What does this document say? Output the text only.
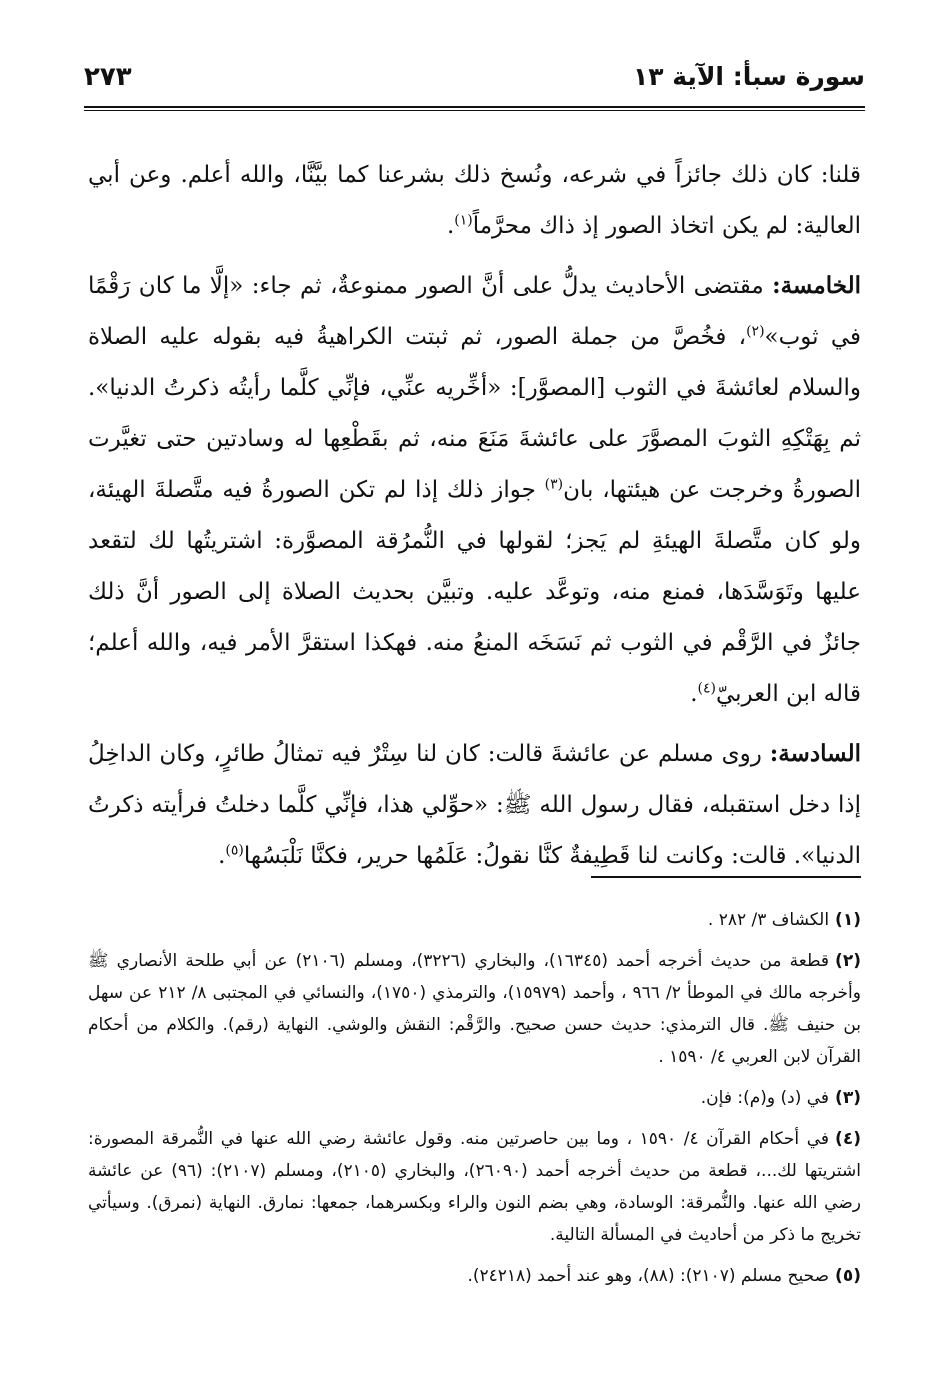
سورة سبأ: الآية ١٣
٢٧٣

قلنا: كان ذلك جائزاً في شرعه، ونُسخ ذلك بشرعنا كما بيَّنَّا، والله أعلم. وعن أبي العالية: لم يكن اتخاذ الصور إذ ذاك محرَّماً$^{(١)}$.

الخامسة: مقتضى الأحاديث يدلُّ على أنَّ الصور ممنوعةٌ، ثم جاء: «إلَّا ما كان رَقْمًا في ثوب»$^{(٢)}$، فخُصَّ من جملة الصور، ثم ثبتت الكراهيةُ فيه بقوله عليه الصلاة والسلام لعائشةَ في الثوب [المصوَّر]: «أخِّريه عنِّي، فإنِّي كلَّما رأيتُه ذكرتُ الدنيا». ثم بِهَتْكِهِ الثوبَ المصوَّرَ على عائشةَ مَنَعَ منه، ثم بقَطْعِها له وسادتين حتى تغيَّرت الصورةُ وخرجت عن هيئتها، بان$^{(٣)}$ جواز ذلك إذا لم تكن الصورةُ فيه متَّصلةَ الهيئة، ولو كان متَّصلةَ الهيئةِ لم يَجز؛ لقولها في النُّمرُقة المصوَّرة: اشتريتُها لك لتقعد عليها وتَوَسَّدَها، فمنع منه، وتوعَّد عليه. وتبيَّن بحديث الصلاة إلى الصور أنَّ ذلك جائزٌ في الرَّقْم في الثوب ثم نَسَخَه المنعُ منه. فهكذا استقرَّ الأمر فيه، والله أعلم؛ قاله ابن العربيّ$^{(٤)}$.

السادسة: روى مسلم عن عائشةَ قالت: كان لنا سِتْرٌ فيه تمثالُ طائرٍ، وكان الداخِلُ إذا دخل استقبله، فقال رسول الله ﷺ: «حوِّلي هذا، فإنِّي كلَّما دخلتُ فرأيته ذكرتُ الدنيا». قالت: وكانت لنا قَطِيفةٌ كنَّا نقولُ: عَلَمُها حرير، فكنَّا نَلْبَسُها$^{(٥)}$.

(١)الكشاف ٣/ ٢٨٢ .

(٢)قطعة من حديث أخرجه أحمد (١٦٣٤٥)، والبخاري (٣٢٢٦)، ومسلم (٢١٠٦) عن أبي طلحة الأنصاري ﷺ وأخرجه مالك في الموطأ ٢/ ٩٦٦ ، وأحمد (١٥٩٧٩)، والترمذي (١٧٥٠)، والنسائي في المجتبى ٨/ ٢١٢ عن سهل بن حنيف ﷺ. قال الترمذي: حديث حسن صحيح. والرَّقْم: النقش والوشي. النهاية (رقم). والكلام من أحكام القرآن لابن العربي ٤/ ١٥٩٠ .

(٣)في (د) و(م): فإن.

(٤)في أحكام القرآن ٤/ ١٥٩٠ ، وما بين حاصرتين منه. وقول عائشة رضي الله عنها في النُّمرقة المصورة: اشتريتها لك...، قطعة من حديث أخرجه أحمد (٢٦٠٩٠)، والبخاري (٢١٠٥)، ومسلم (٢١٠٧): (٩٦) عن عائشة رضي الله عنها. والنُّمرقة: الوسادة، وهي بضم النون والراء وبكسرهما، جمعها: نمارق. النهاية (نمرق). وسيأتي تخريج ما ذكر من أحاديث في المسألة التالية.

(٥)صحيح مسلم (٢١٠٧): (٨٨)، وهو عند أحمد (٢٤٢١٨).
